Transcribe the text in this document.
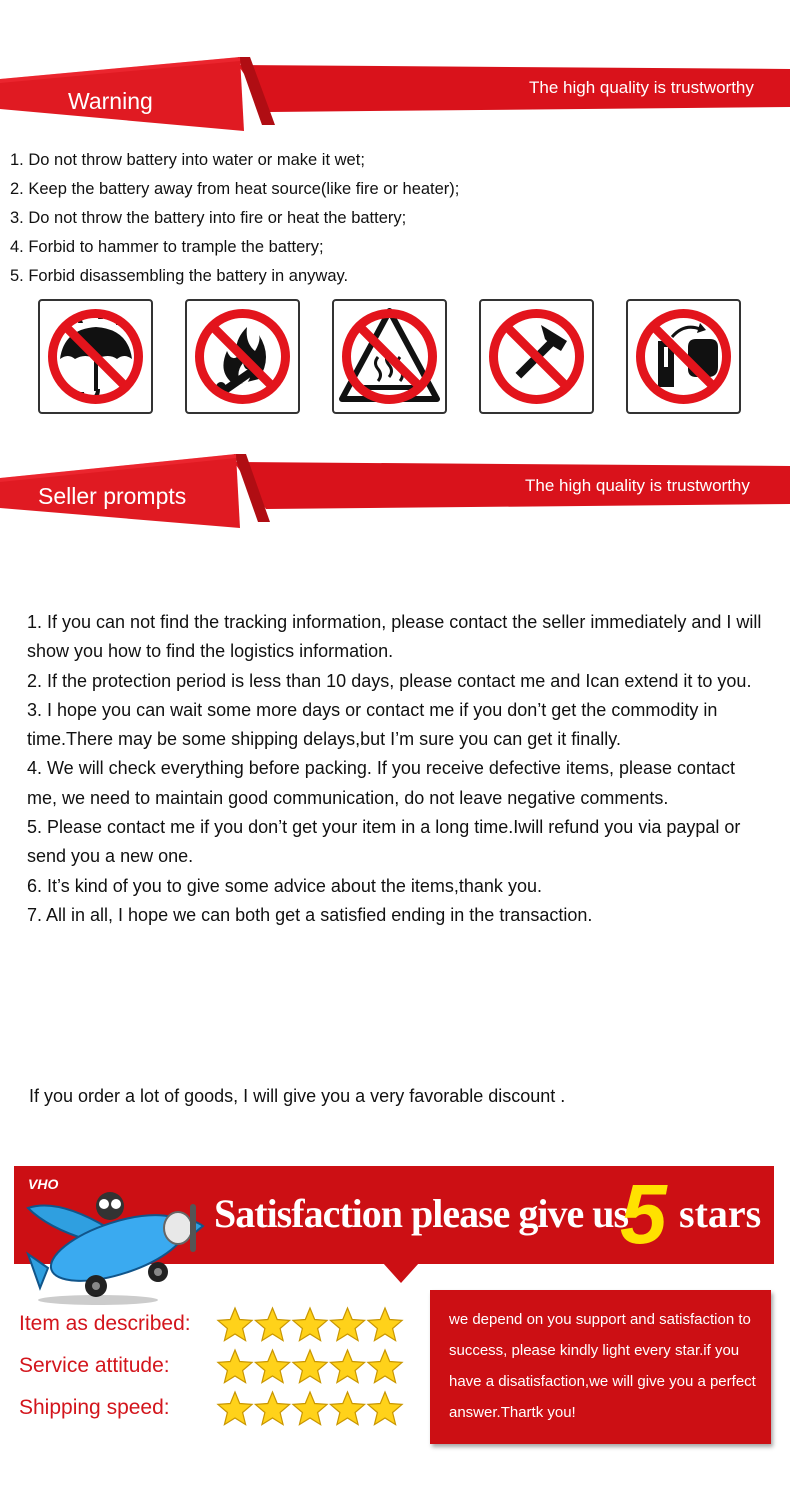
Warning
The high quality is trustworthy
1. Do not throw battery into water or make it wet;
2. Keep the battery away from heat source(like fire or heater);
3. Do not throw the battery into fire or heat the battery;
4. Forbid to hammer to trample the battery;
5. Forbid disassembling the battery in anyway.
Seller prompts	The high quality is trustworthy
1. If you can not find the tracking information, please contact the seller immediately and I will show you how to find the logistics information.
2. If the protection period is less than 10 days, please contact me and Ican extend it to you.
3. I hope you can wait some more days or contact me if you don’t get the commodity in time.There may be some shipping delays,but I’m sure you can get it finally.
4. We will check everything before packing. If you receive defective items, please contact me, we need to maintain good communication, do not leave negative comments.
5. Please contact me if you don’t get your item in a long time.Iwill refund you via paypal or send you a new one.
6. It’s kind of you to give some advice about the items,thank you.
7. All in all, I hope we can both get a satisfied ending in the transaction.
If you order a lot of goods, I will give you a very favorable discount .
VHO
Satisfaction please give us
5 stars
Item as described:
Service attitude:
Shipping speed:
we depend on you support and satisfaction to success, please kindly light every star.if you have a disatisfaction,we will give you a perfect answer.Thartk you!
